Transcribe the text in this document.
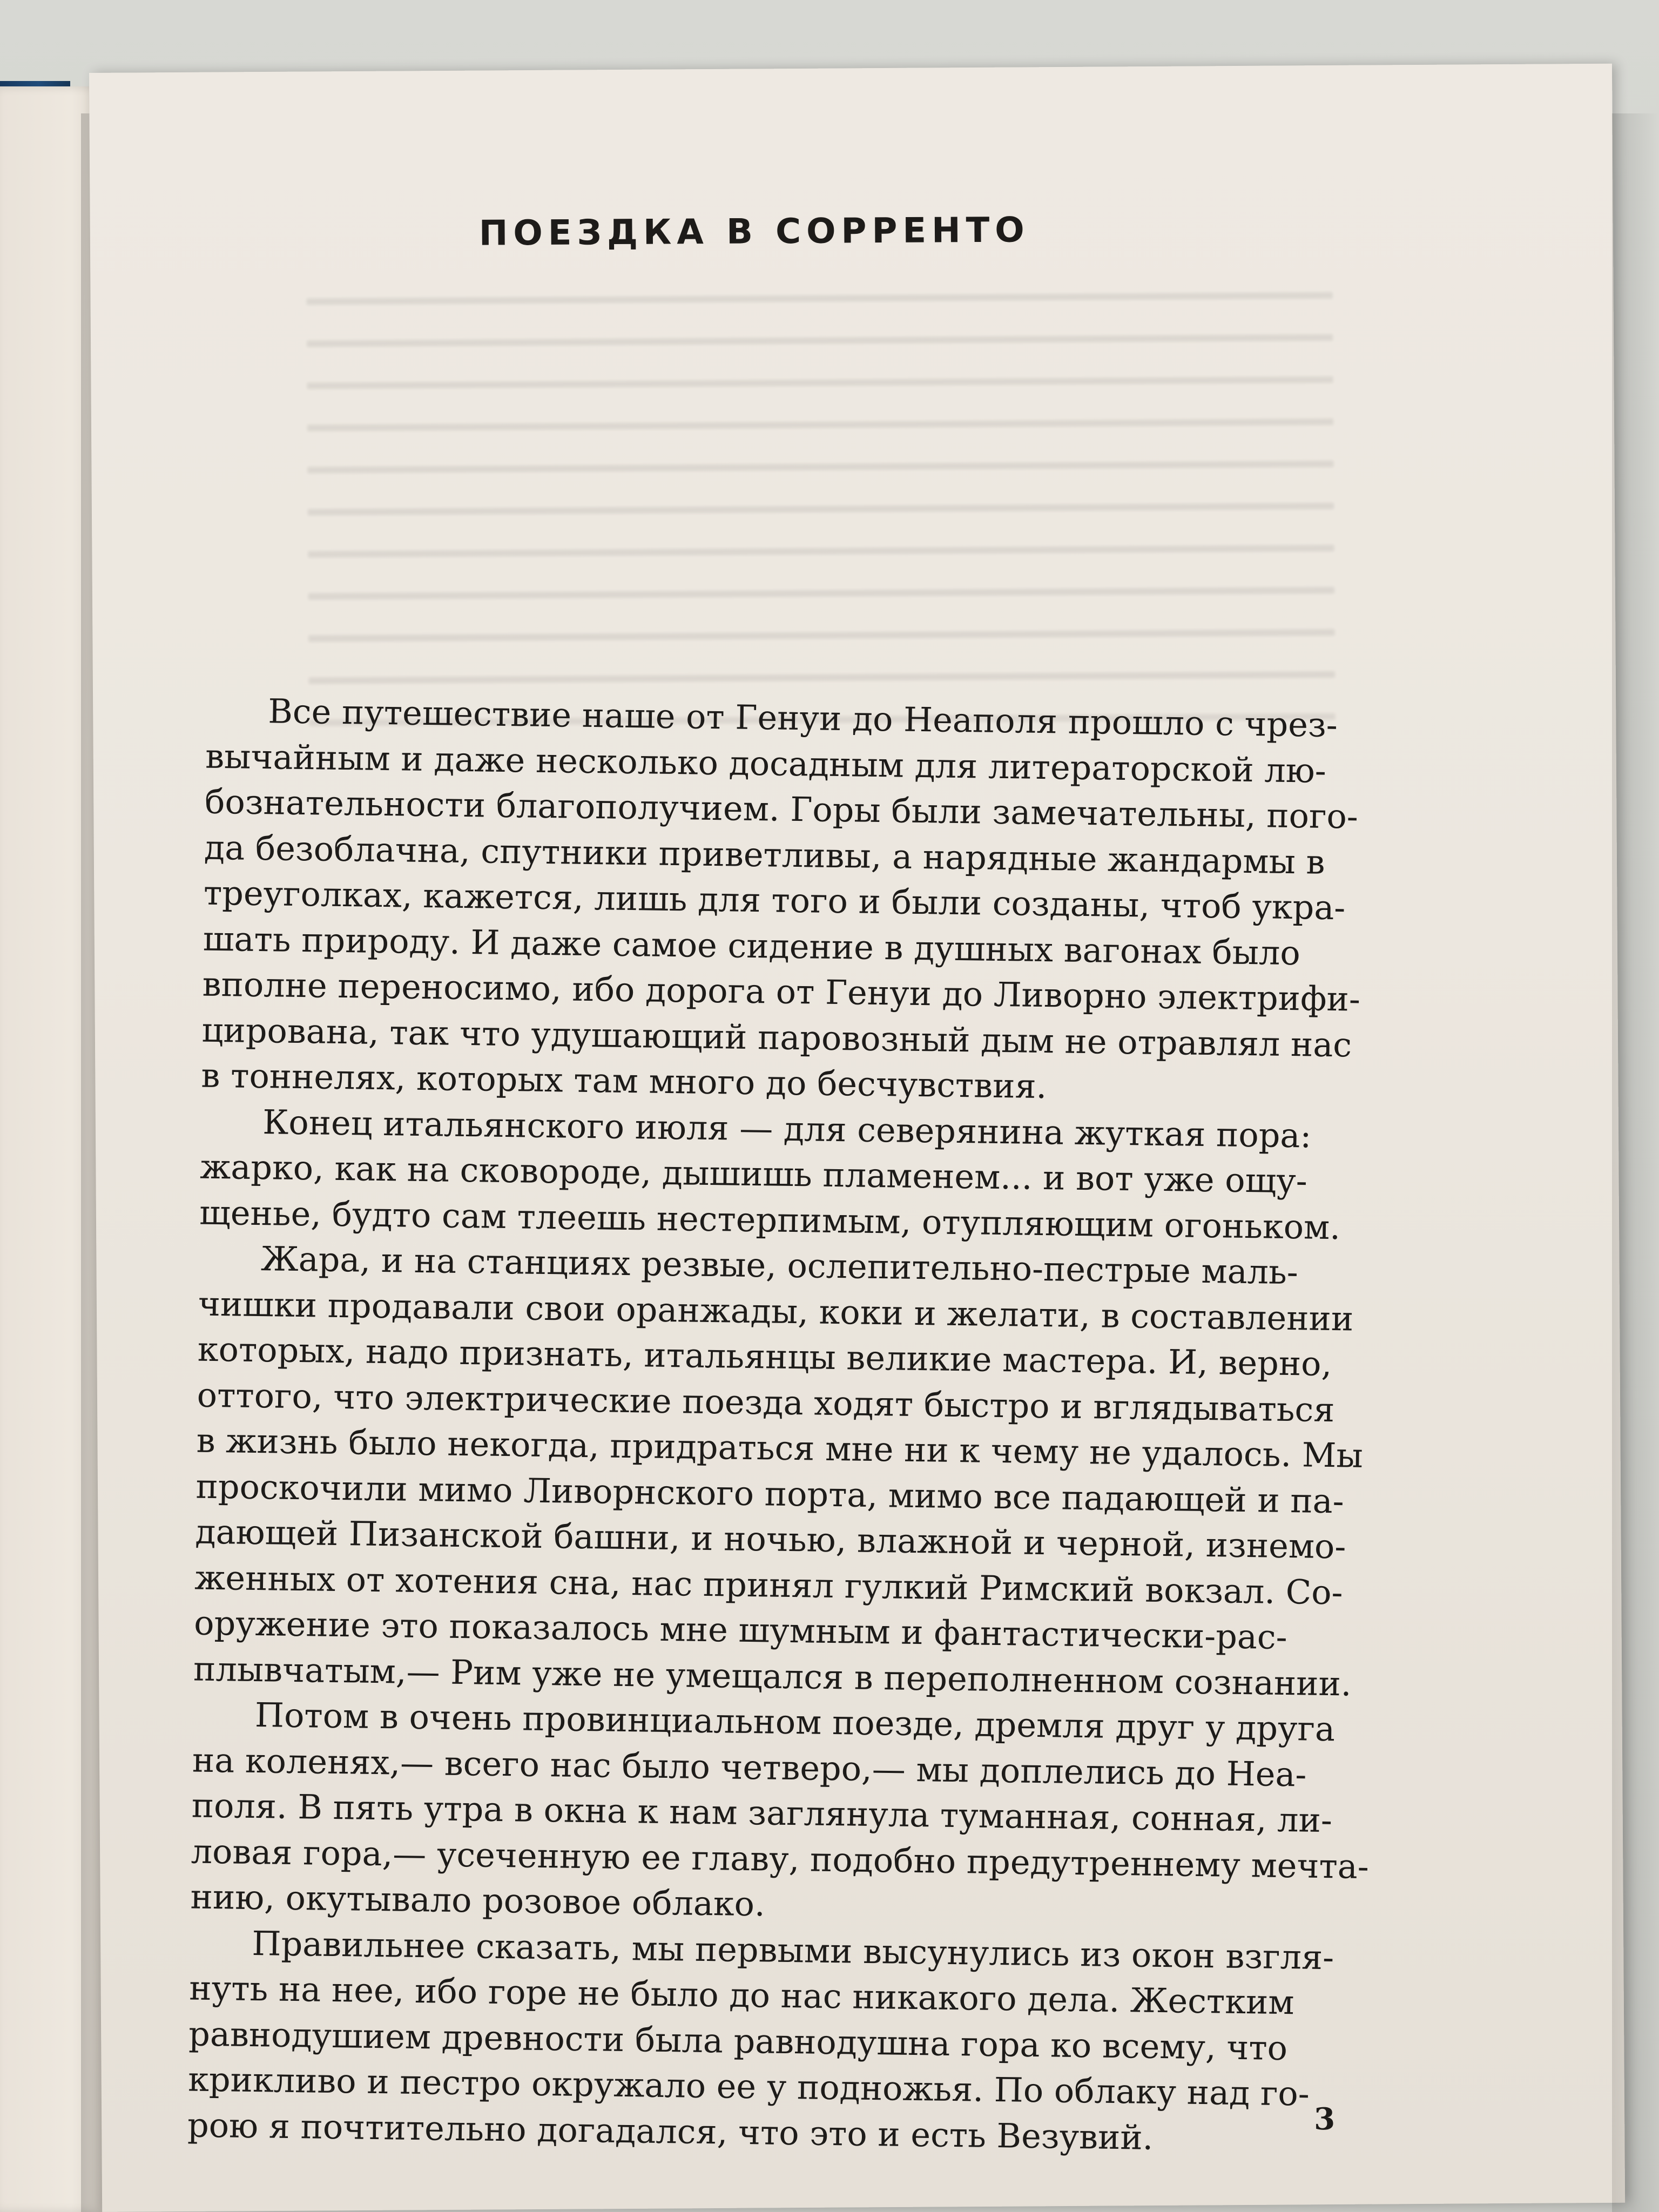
ПОЕЗДКА В СОРРЕНТО
Все путешествие наше от Генуи до Неаполя прошло с чрез-
вычайным и даже несколько досадным для литераторской лю-
бознательности благополучием. Горы были замечательны, пого-
да безоблачна, спутники приветливы, а нарядные жандармы в
треуголках, кажется, лишь для того и были созданы, чтоб укра-
шать природу. И даже самое сидение в душных вагонах было
вполне переносимо, ибо дорога от Генуи до Ливорно электрифи-
цирована, так что удушающий паровозный дым не отравлял нас
в тоннелях, которых там много до бесчувствия.
Конец итальянского июля — для северянина жуткая пора:
жарко, как на сковороде, дышишь пламенем... и вот уже ощу-
щенье, будто сам тлеешь нестерпимым, отупляющим огоньком.
Жара, и на станциях резвые, ослепительно-пестрые маль-
чишки продавали свои оранжады, коки и желати, в составлении
которых, надо признать, итальянцы великие мастера. И, верно,
оттого, что электрические поезда ходят быстро и вглядываться
в жизнь было некогда, придраться мне ни к чему не удалось. Мы
проскочили мимо Ливорнского порта, мимо все падающей и па-
дающей Пизанской башни, и ночью, влажной и черной, изнемо-
женных от хотения сна, нас принял гулкий Римский вокзал. Со-
оружение это показалось мне шумным и фантастически-рас-
плывчатым,— Рим уже не умещался в переполненном сознании.
Потом в очень провинциальном поезде, дремля друг у друга
на коленях,— всего нас было четверо,— мы доплелись до Неа-
поля. В пять утра в окна к нам заглянула туманная, сонная, ли-
ловая гора,— усеченную ее главу, подобно предутреннему мечта-
нию, окутывало розовое облако.
Правильнее сказать, мы первыми высунулись из окон взгля-
нуть на нее, ибо горе не было до нас никакого дела. Жестким
равнодушием древности была равнодушна гора ко всему, что
крикливо и пестро окружало ее у подножья. По облаку над го-
рою я почтительно догадался, что это и есть Везувий.	3
